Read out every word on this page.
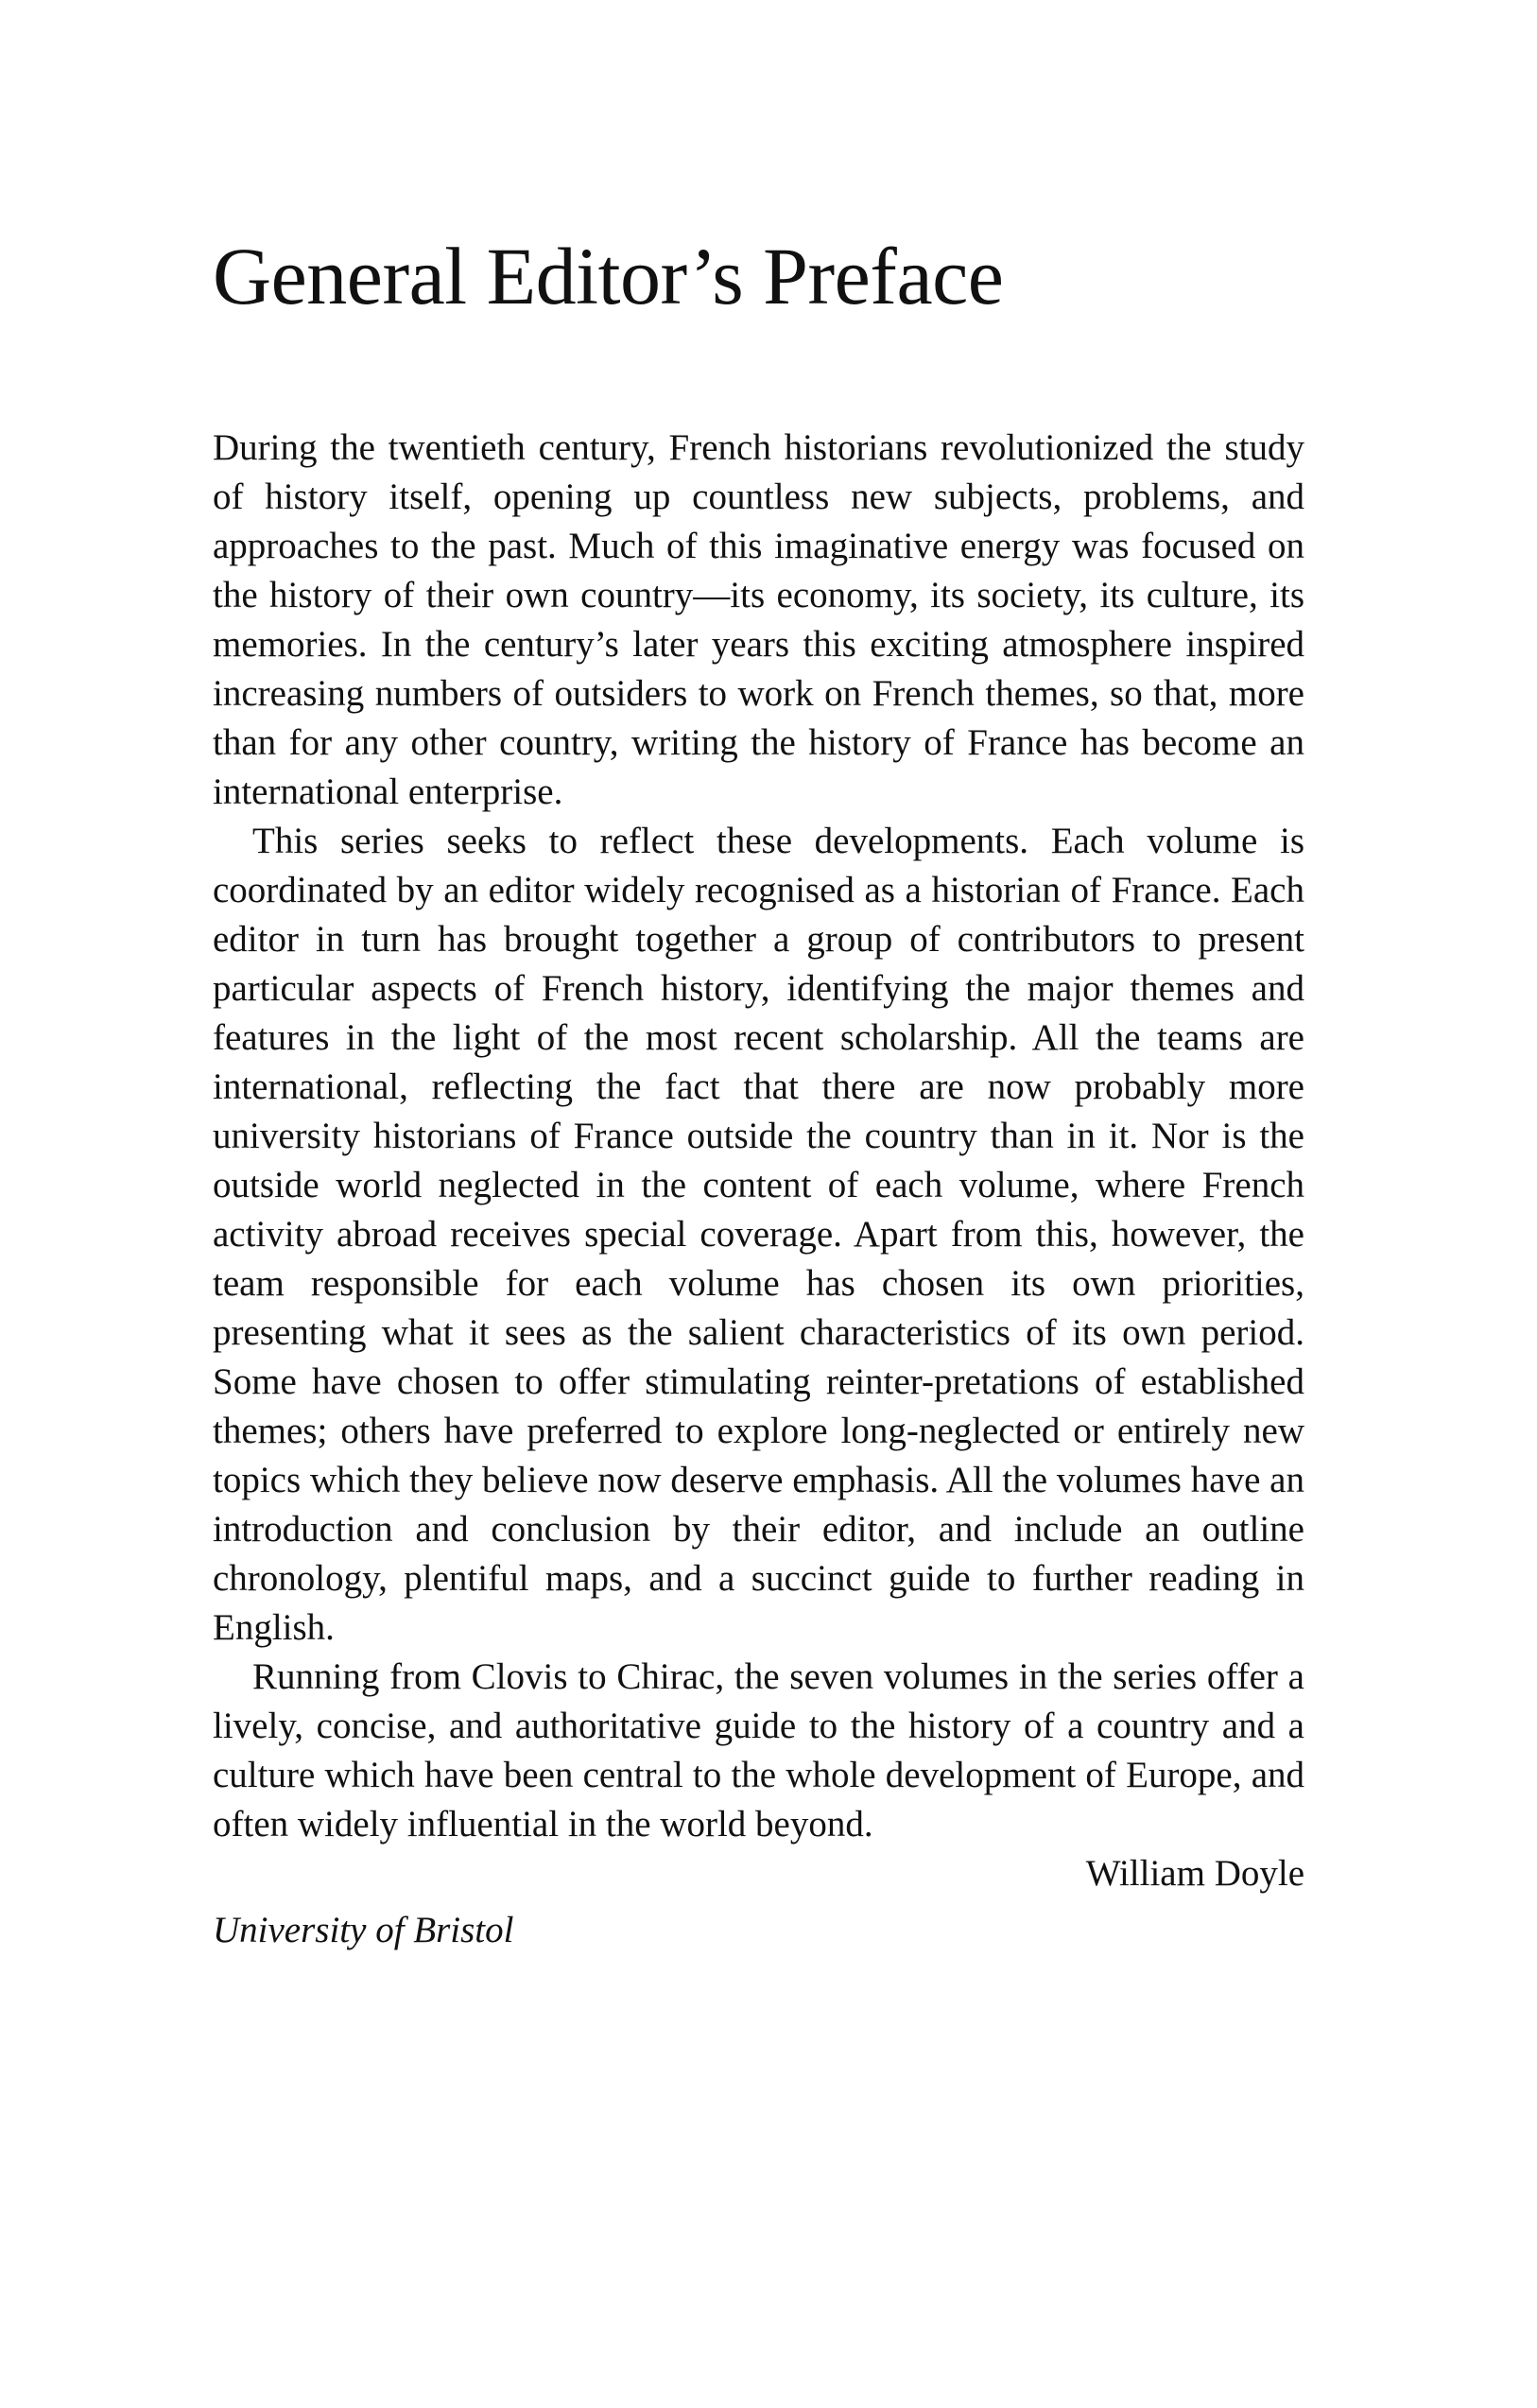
General Editor’s Preface

During the twentieth century, French historians revolutionized the study of history itself, opening up countless new subjects, problems, and approaches to the past. Much of this imaginative energy was focused on the history of their own country—its economy, its society, its culture, its memories. In the century’s later years this exciting atmosphere inspired increasing numbers of outsiders to work on French themes, so that, more than for any other country, writing the history of France has become an international enterprise.

This series seeks to reflect these developments. Each volume is coordinated by an editor widely recognised as a historian of France. Each editor in turn has brought together a group of contributors to present particular aspects of French history, identifying the major themes and features in the light of the most recent scholarship. All the teams are international, reflecting the fact that there are now probably more university historians of France outside the country than in it. Nor is the outside world neglected in the content of each volume, where French activity abroad receives special coverage. Apart from this, however, the team responsible for each volume has chosen its own priorities, presenting what it sees as the salient characteristics of its own period. Some have chosen to offer stimulating reinter-pretations of established themes; others have preferred to explore long-neglected or entirely new topics which they believe now deserve emphasis. All the volumes have an introduction and conclusion by their editor, and include an outline chronology, plentiful maps, and a succinct guide to further reading in English.

Running from Clovis to Chirac, the seven volumes in the series offer a lively, concise, and authoritative guide to the history of a country and a culture which have been central to the whole development of Europe, and often widely influential in the world beyond.

William Doyle

University of Bristol
